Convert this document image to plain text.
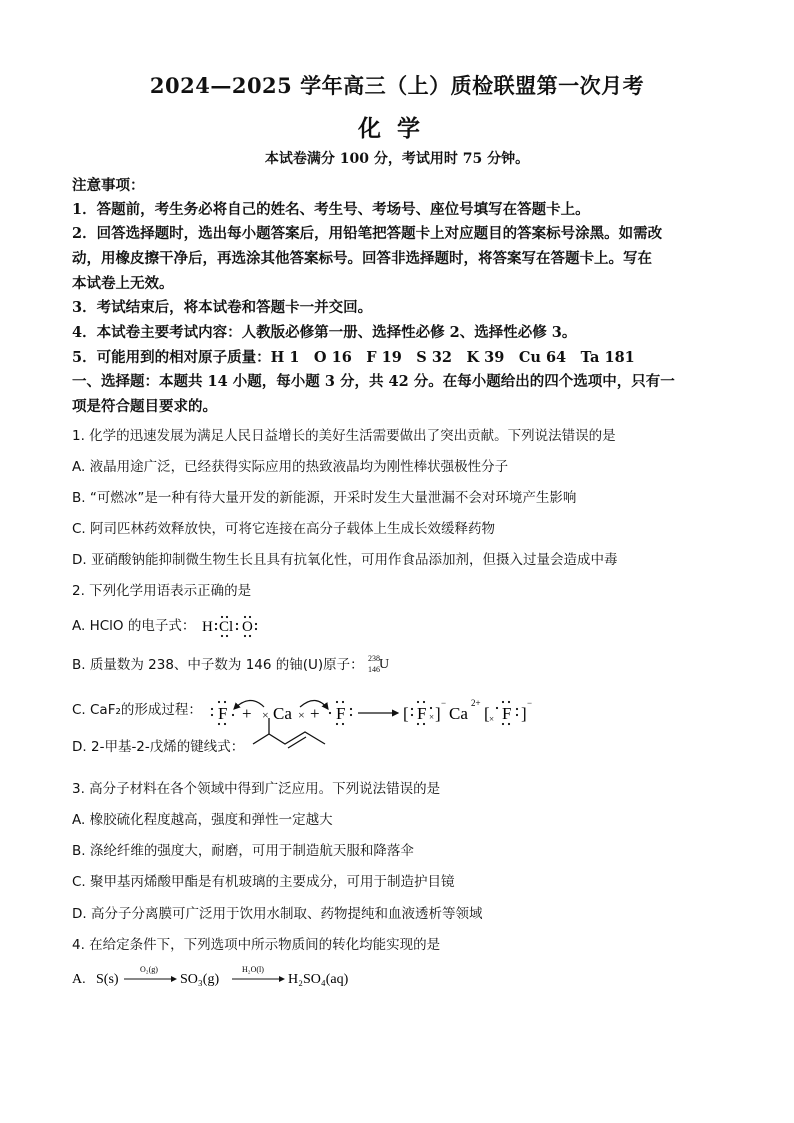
2024—2025 学年高三（上）质检联盟第一次月考
化学
本试卷满分 100 分，考试用时 75 分钟。
注意事项：
1．答题前，考生务必将自己的姓名、考生号、考场号、座位号填写在答题卡上。
2．回答选择题时，选出每小题答案后，用铅笔把答题卡上对应题目的答案标号涂黑。如需改
动，用橡皮擦干净后，再选涂其他答案标号。回答非选择题时，将答案写在答题卡上。写在
本试卷上无效。
3．考试结束后，将本试卷和答题卡一并交回。
4．本试卷主要考试内容：人教版必修第一册、选择性必修 2、选择性必修 3。
5．可能用到的相对原子质量：H 1　O 16　F 19　S 32　K 39　Cu 64　Ta 181
一、选择题：本题共 14 小题，每小题 3 分，共 42 分。在每小题给出的四个选项中，只有一
项是符合题目要求的。
1. 化学的迅速发展为满足人民日益增长的美好生活需要做出了突出贡献。下列说法错误的是
A. 液晶用途广泛，已经获得实际应用的热致液晶均为刚性棒状强极性分子
B. “可燃冰”是一种有待大量开发的新能源，开采时发生大量泄漏不会对环境产生影响
C. 阿司匹林药效释放快，可将它连接在高分子载体上生成长效缓释药物
D. 亚硝酸钠能抑制微生物生长且具有抗氧化性，可用作食品添加剂，但摄入过量会造成中毒
2. 下列化学用语表示正确的是
A. HClO 的电子式： H Cl O
B. 质量数为 238、中子数为 146 的铀(U)原子： 238
146 U
C. CaF₂的形成过程： F + × Ca × + F	[ F × ]
−
Ca
2+
[ × F ]
−
D. 2-甲基-2-戊烯的键线式：
3. 高分子材料在各个领域中得到广泛应用。下列说法错误的是
A. 橡胶硫化程度越高，强度和弹性一定越大
B. 涤纶纤维的强度大，耐磨，可用于制造航天服和降落伞
C. 聚甲基丙烯酸甲酯是有机玻璃的主要成分，可用于制造护目镜
D. 高分子分离膜可广泛用于饮用水制取、药物提纯和血液透析等领域
4. 在给定条件下，下列选项中所示物质间的转化均能实现的是
A. S(s)
O₂(g)
SO₃(g)
H₂O(l)
H₂SO₄(aq)
